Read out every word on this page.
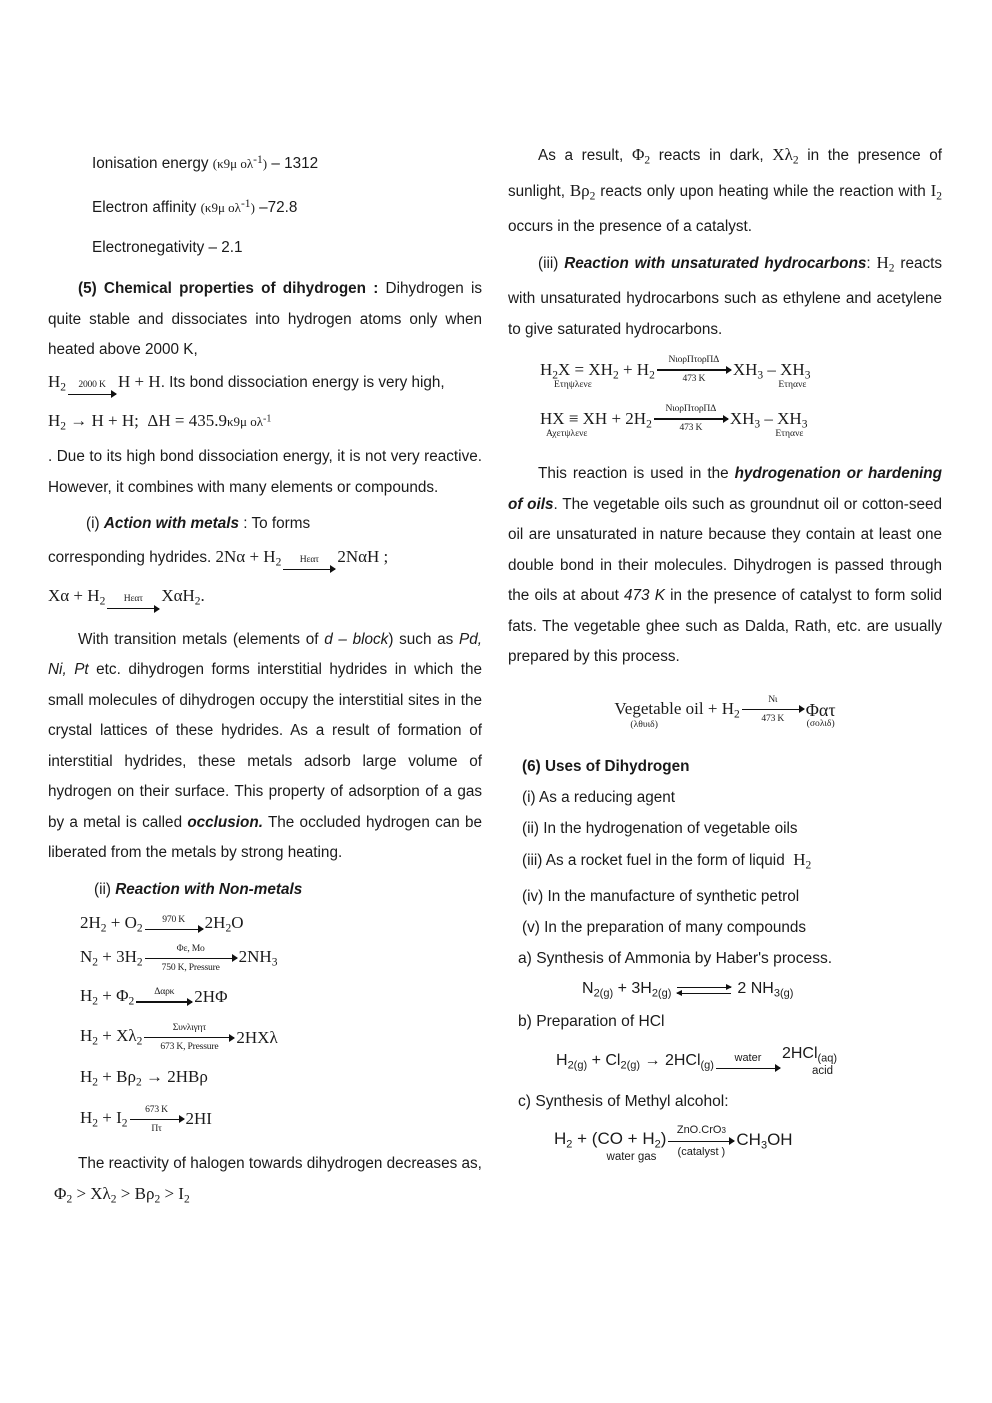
Ionisation energy (κ9μ ολ-1) – 1312
Electron affinity (κ9μ ολ-1) –72.8
Electronegativity – 2.1

(5) Chemical properties of dihydrogen : Dihydrogen is quite stable and dissociates into hydrogen atoms only when heated above 2000 K,

$H_2$ 2000 K H + H. Its bond dissociation energy is very high,
$H_2 \to H + H$; ΔH = 435.9κ9μ $o\lambda^{-1}$

. Due to its high bond dissociation energy, it is not very reactive. However, it combines with many elements or compounds.

(i) Action with metals : To forms
corresponding hydrides. $2N\alpha + H_2$ Ηεατ 2NαH ;
$X\alpha + H_2$ Ηεατ XαH$_2$.

With transition metals (elements of d – block) such as Pd, Ni, Pt etc. dihydrogen forms interstitial hydrides in which the small molecules of dihydrogen occupy the interstitial sites in the crystal lattices of these hydrides. As a result of formation of interstitial hydrides, these metals adsorb large volume of hydrogen on their surface. This property of adsorption of a gas by a metal is called occlusion. The occluded hydrogen can be liberated from the metals by strong heating.

(ii) Reaction with Non-metals
$2H_2 + O_2$
970 K $2H_2O$
$N_2 + 3H_2$
Φε, Μο
750 K, Pressure
$2NH_3$
$H_2 + \Phi_2$
Δαρκ 2HΦ
$H_2 + X\lambda_2$
Συνλιγητ
673 K, Pressure 2HΧλ
$H_2 + B\rho_2 \to 2HB\rho$
$H_2 + I_2$
673 K
Πτ 2HI
The reactivity of halogen towards dihydrogen decreases as, $\Phi_2 > X\lambda_2 > B\rho_2 > I_2$

As a result, $\Phi_2$ reacts in dark, $X\lambda_2$ in the presence of sunlight, $B\rho_2$ reacts only upon heating while the reaction with $I_2$ occurs in the presence of a catalyst.

(iii) Reaction with unsaturated hydrocarbons: $H_2$ reacts with unsaturated hydrocarbons such as ethylene and acetylene to give saturated hydrocarbons.

$H_2X = XH_2 + H_2$
Ετηψλενε
ΝιορΠτορΠΔ
473 K
$XH_3 - XH_3$
Ετηανε
HX ≡ XH + $2H_2$
Αχετψλενε
ΝιορΠτορΠΔ
473 K
$XH_3 - XH_3$
Ετηανε

This reaction is used in the hydrogenation or hardening of oils. The vegetable oils such as groundnut oil or cotton-seed oil are unsaturated in nature because they contain at least one double bond in their molecules. Dihydrogen is passed through the oils at about 473 K in the presence of catalyst to form solid fats. The vegetable ghee such as Dalda, Rath, etc. are usually prepared by this process.

Vegetable oil + $H_2$
(λθυιδ)
Νι
473 K Φατ
(σολιδ)
(6) Uses of Dihydrogen
(i) As a reducing agent
(ii) In the hydrogenation of vegetable oils
(iii) As a rocket fuel in the form of liquid  $H_2$
(iv) In the manufacture of synthetic petrol
(v) In the preparation of many compounds
a) Synthesis of Ammonia by Haber's process.
$N_{2(g)} + 3H_{2(g)}$	2 $NH_{3(g)}$
b) Preparation of HCl
$H_{2(g)} + Cl_{2(g)} \to 2HCl_{(g)}$
water 2HCl$_{(aq)}$
acid
c) Synthesis of Methyl alcohol:
$H_2 + (CO + H_2)$
water gas
ZnO.CrO3
(catalyst )
$CH_3OH$
